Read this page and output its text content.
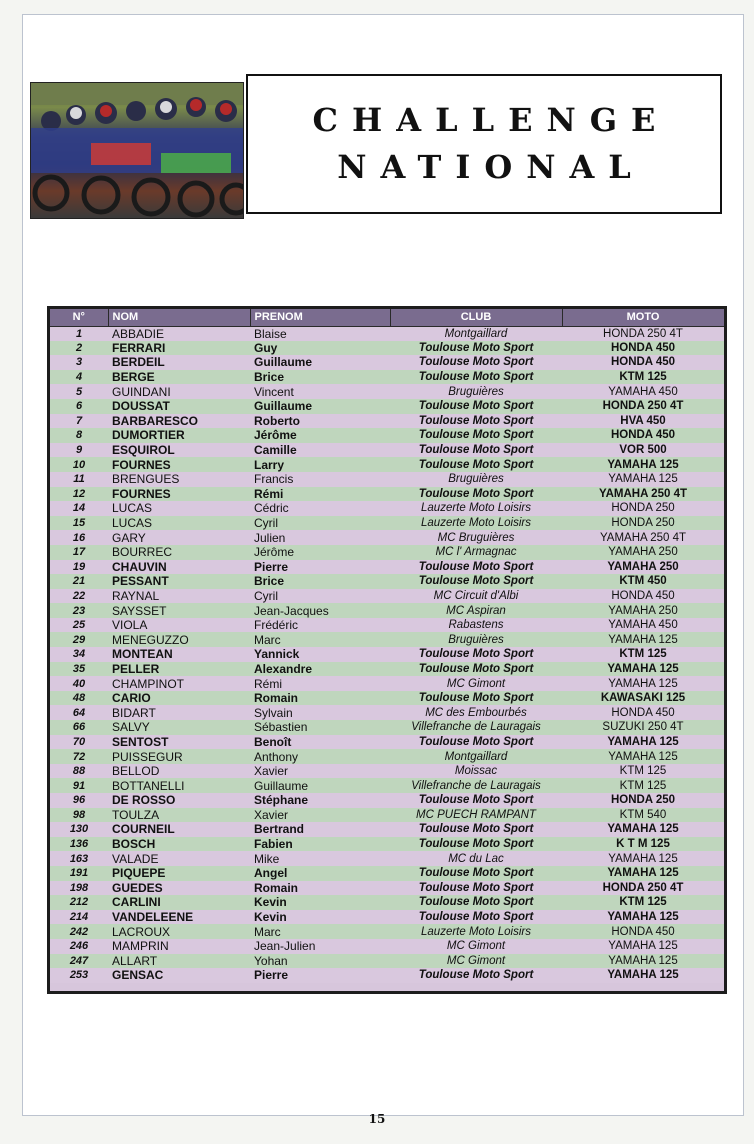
CHALLENGE
NATIONAL
N°	NOM	PRENOM	CLUB	MOTO
1	ABBADIE	Blaise	Montgaillard	HONDA 250 4T
2	FERRARI	Guy	Toulouse Moto Sport	HONDA 450
3	BERDEIL	Guillaume	Toulouse Moto Sport	HONDA 450
4	BERGE	Brice	Toulouse Moto Sport	KTM 125
5	GUINDANI	Vincent	Bruguières	YAMAHA 450
6	DOUSSAT	Guillaume	Toulouse Moto Sport	HONDA 250 4T
7	BARBARESCO	Roberto	Toulouse Moto Sport	HVA 450
8	DUMORTIER	Jérôme	Toulouse Moto Sport	HONDA 450
9	ESQUIROL	Camille	Toulouse Moto Sport	VOR 500
10	FOURNES	Larry	Toulouse Moto Sport	YAMAHA 125
11	BRENGUES	Francis	Bruguières	YAMAHA 125
12	FOURNES	Rémi	Toulouse Moto Sport	YAMAHA 250 4T
14	LUCAS	Cédric	Lauzerte Moto Loisirs	HONDA 250
15	LUCAS	Cyril	Lauzerte Moto Loisirs	HONDA 250
16	GARY	Julien	MC Bruguières	YAMAHA 250 4T
17	BOURREC	Jérôme	MC l' Armagnac	YAMAHA 250
19	CHAUVIN	Pierre	Toulouse Moto Sport	YAMAHA 250
21	PESSANT	Brice	Toulouse Moto Sport	KTM 450
22	RAYNAL	Cyril	MC Circuit d'Albi	HONDA 450
23	SAYSSET	Jean-Jacques	MC Aspiran	YAMAHA 250
25	VIOLA	Frédéric	Rabastens	YAMAHA 450
29	MENEGUZZO	Marc	Bruguières	YAMAHA 125
34	MONTEAN	Yannick	Toulouse Moto Sport	KTM 125
35	PELLER	Alexandre	Toulouse Moto Sport	YAMAHA 125
40	CHAMPINOT	Rémi	MC Gimont	YAMAHA 125
48	CARIO	Romain	Toulouse Moto Sport	KAWASAKI 125
64	BIDART	Sylvain	MC des Embourbés	HONDA 450
66	SALVY	Sébastien	Villefranche de Lauragais	SUZUKI 250 4T
70	SENTOST	Benoît	Toulouse Moto Sport	YAMAHA 125
72	PUISSEGUR	Anthony	Montgaillard	YAMAHA 125
88	BELLOD	Xavier	Moissac	KTM 125
91	BOTTANELLI	Guillaume	Villefranche de Lauragais	KTM 125
96	DE ROSSO	Stéphane	Toulouse Moto Sport	HONDA 250
98	TOULZA	Xavier	MC PUECH RAMPANT	KTM 540
130	COURNEIL	Bertrand	Toulouse Moto Sport	YAMAHA 125
136	BOSCH	Fabien	Toulouse Moto Sport	K T M 125
163	VALADE	Mike	MC du Lac	YAMAHA 125
191	PIQUEPE	Angel	Toulouse Moto Sport	YAMAHA 125
198	GUEDES	Romain	Toulouse Moto Sport	HONDA 250 4T
212	CARLINI	Kevin	Toulouse Moto Sport	KTM 125
214	VANDELEENE	Kevin	Toulouse Moto Sport	YAMAHA 125
242	LACROUX	Marc	Lauzerte Moto Loisirs	HONDA 450
246	MAMPRIN	Jean-Julien	MC Gimont	YAMAHA 125
247	ALLART	Yohan	MC Gimont	YAMAHA 125
253	GENSAC	Pierre	Toulouse Moto Sport	YAMAHA 125
15
